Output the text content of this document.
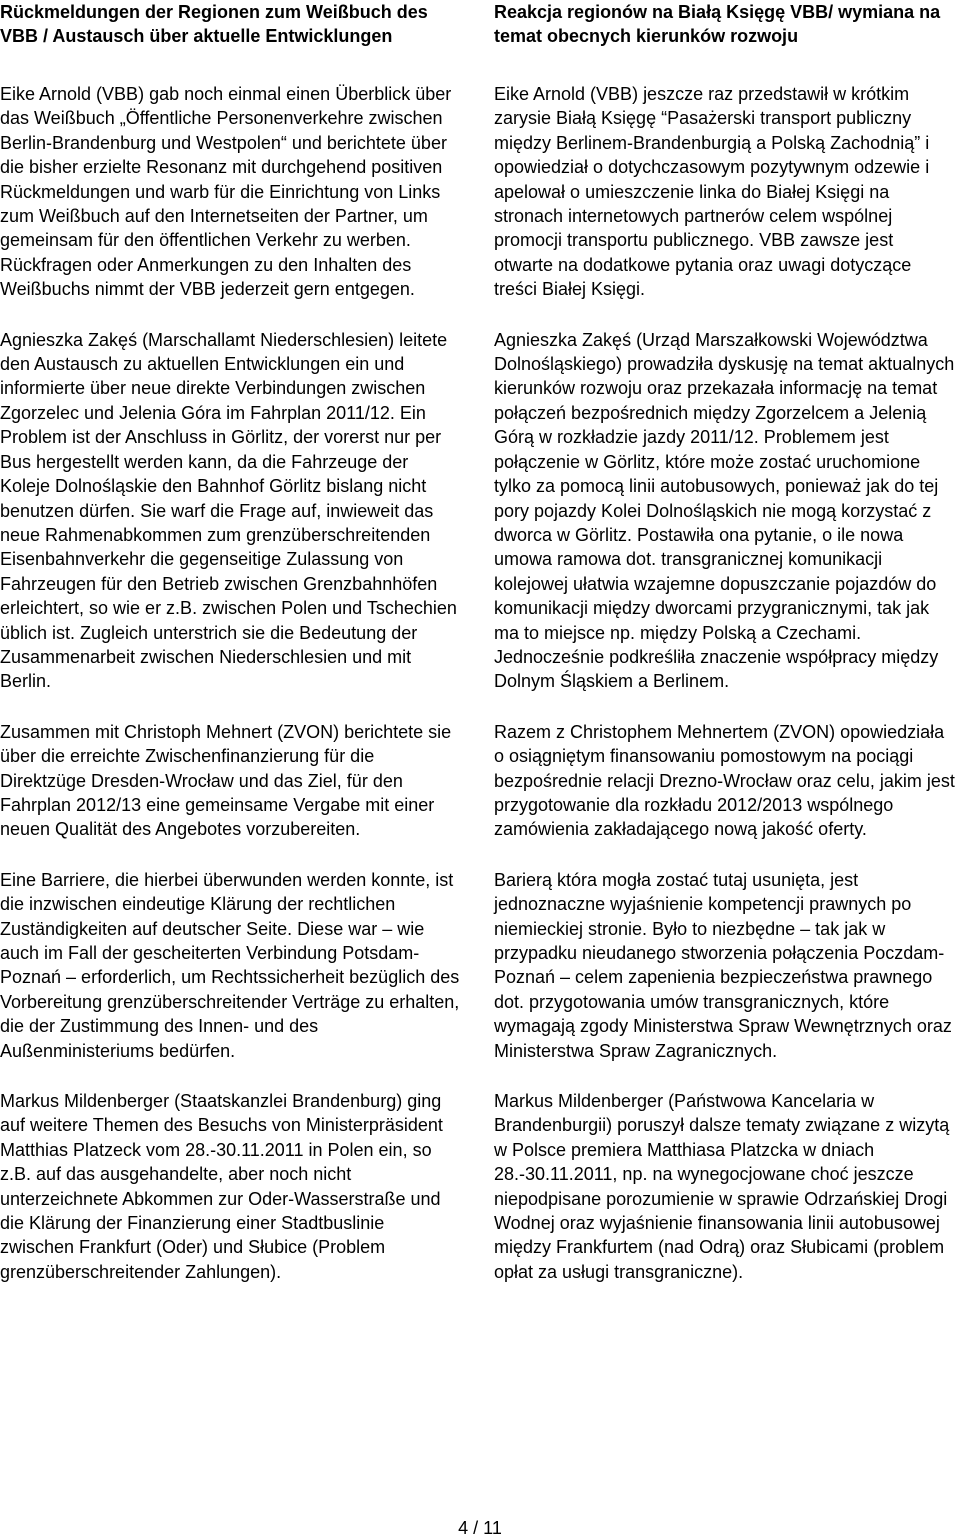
Rückmeldungen der Regionen zum Weißbuch des VBB / Austausch über aktuelle Entwicklungen

Eike Arnold (VBB) gab noch einmal einen Überblick über das Weißbuch „Öffentliche Personenverkehre zwischen Berlin-Brandenburg und Westpolen“ und berichtete über die bisher erzielte Resonanz mit durchgehend positiven Rückmeldungen und warb für die Einrichtung von Links zum Weißbuch auf den Internetseiten der Partner, um gemeinsam für den öffentlichen Verkehr zu werben. Rückfragen oder Anmerkungen zu den Inhalten des Weißbuchs nimmt der VBB jederzeit gern entgegen.

Agnieszka Zakęś (Marschallamt Niederschlesien) leitete den Austausch zu aktuellen Entwicklungen ein und informierte über neue direkte Verbindungen zwischen Zgorzelec und Jelenia Góra im Fahrplan 2011/12. Ein Problem ist der Anschluss in Görlitz, der vorerst nur per Bus hergestellt werden kann, da die Fahrzeuge der Koleje Dolnośląskie den Bahnhof Görlitz bislang nicht benutzen dürfen. Sie warf die Frage auf, inwieweit das neue Rahmenabkommen zum grenzüberschreitenden Eisenbahnverkehr die gegenseitige Zulassung von Fahrzeugen für den Betrieb zwischen Grenzbahnhöfen erleichtert, so wie er z.B. zwischen Polen und Tschechien üblich ist. Zugleich unterstrich sie die Bedeutung der Zusammenarbeit zwischen Niederschlesien und mit Berlin.

Zusammen mit Christoph Mehnert (ZVON) berichtete sie über die erreichte Zwischenfinanzierung für die Direktzüge Dresden-Wrocław und das Ziel, für den Fahrplan 2012/13 eine gemeinsame Vergabe mit einer neuen Qualität des Angebotes vorzubereiten.

Eine Barriere, die hierbei überwunden werden konnte, ist die inzwischen eindeutige Klärung der rechtlichen Zuständigkeiten auf deutscher Seite. Diese war – wie auch im Fall der gescheiterten Verbindung Potsdam-Poznań – erforderlich, um Rechtssicherheit bezüglich des Vorbereitung grenzüberschreitender Verträge zu erhalten, die der Zustimmung des Innen- und des Außenministeriums bedürfen.

Markus Mildenberger (Staatskanzlei Brandenburg) ging auf weitere Themen des Besuchs von Ministerpräsident Matthias Platzeck vom 28.-30.11.2011 in Polen ein, so z.B. auf das ausgehandelte, aber noch nicht unterzeichnete Abkommen zur Oder-Wasserstraße und die Klärung der Finanzierung einer Stadtbuslinie zwischen Frankfurt (Oder) und Słubice (Problem grenzüberschreitender Zahlungen).

Reakcja regionów na Białą Księgę VBB/ wymiana na temat obecnych kierunków rozwoju

Eike Arnold (VBB) jeszcze raz przedstawił w krótkim zarysie Białą Księgę “Pasażerski transport publiczny między Berlinem-Brandenburgią a Polską Zachodnią” i opowiedział o dotychczasowym pozytywnym odzewie i apelował o umieszczenie linka do Białej Księgi na stronach internetowych partnerów celem wspólnej promocji transportu publicznego. VBB zawsze jest otwarte na dodatkowe pytania oraz uwagi dotyczące treści Białej Księgi.

Agnieszka Zakęś (Urząd Marszałkowski Województwa Dolnośląskiego) prowadziła dyskusję na temat aktualnych kierunków rozwoju oraz przekazała informację na temat połączeń bezpośrednich między Zgorzelcem a Jelenią Górą w rozkładzie jazdy 2011/12. Problemem jest połączenie w Görlitz, które może zostać uruchomione tylko za pomocą linii autobusowych, ponieważ jak do tej pory pojazdy Kolei Dolnośląskich nie mogą korzystać z dworca w Görlitz. Postawiła ona pytanie, o ile nowa umowa ramowa dot. transgranicznej komunikacji kolejowej ułatwia wzajemne dopuszczanie pojazdów do komunikacji między dworcami przygranicznymi, tak jak ma to miejsce np. między Polską a Czechami. Jednocześnie podkreśliła znaczenie współpracy między Dolnym Śląskiem a Berlinem.

Razem z Christophem Mehnertem (ZVON) opowiedziała o osiągniętym finansowaniu pomostowym na pociągi bezpośrednie relacji Drezno-Wrocław oraz celu, jakim jest przygotowanie dla rozkładu 2012/2013 wspólnego zamówienia zakładającego nową jakość oferty.

Barierą która mogła zostać tutaj usunięta, jest jednoznaczne wyjaśnienie kompetencji prawnych po niemieckiej stronie. Było to niezbędne – tak jak w przypadku nieudanego stworzenia połączenia Poczdam-Poznań – celem zapenienia bezpieczeństwa prawnego dot. przygotowania umów transgranicznych, które wymagają zgody Ministerstwa Spraw Wewnętrznych oraz Ministerstwa Spraw Zagranicznych.

Markus Mildenberger (Państwowa Kancelaria w Brandenburgii) poruszył dalsze tematy związane z wizytą w Polsce premiera Matthiasa Platzcka w dniach 28.-30.11.2011, np. na wynegocjowane choć jeszcze niepodpisane porozumienie w sprawie Odrzańskiej Drogi Wodnej oraz wyjaśnienie finansowania linii autobusowej między Frankfurtem (nad Odrą) oraz Słubicami (problem opłat za usługi transgraniczne).

4 / 11
